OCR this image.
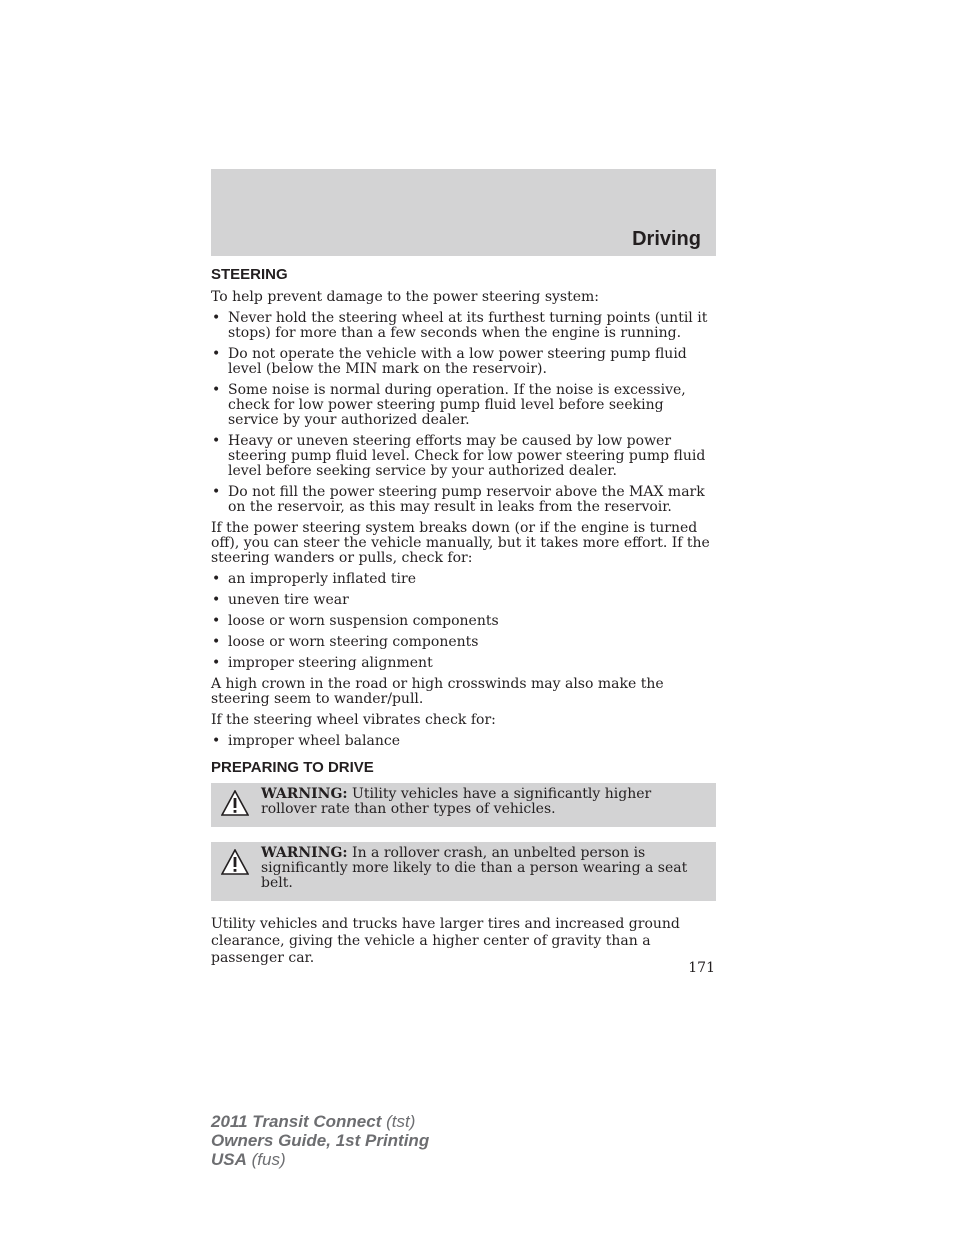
Driving
STEERING

To help prevent damage to the power steering system:

• Never hold the steering wheel at its furthest turning points (until it stops) for more than a few seconds when the engine is running.
• Do not operate the vehicle with a low power steering pump fluid level (below the MIN mark on the reservoir).
• Some noise is normal during operation. If the noise is excessive, check for low power steering pump fluid level before seeking service by your authorized dealer.
• Heavy or uneven steering efforts may be caused by low power steering pump fluid level. Check for low power steering pump fluid level before seeking service by your authorized dealer.
• Do not fill the power steering pump reservoir above the MAX mark on the reservoir, as this may result in leaks from the reservoir.

If the power steering system breaks down (or if the engine is turned off), you can steer the vehicle manually, but it takes more effort. If the steering wanders or pulls, check for:

• an improperly inflated tire
• uneven tire wear
• loose or worn suspension components
• loose or worn steering components
• improper steering alignment

A high crown in the road or high crosswinds may also make the steering seem to wander/pull.

If the steering wheel vibrates check for:

• improper wheel balance
PREPARING TO DRIVE
WARNING: Utility vehicles have a significantly higher rollover rate than other types of vehicles.
WARNING: In a rollover crash, an unbelted person is significantly more likely to die than a person wearing a seat belt.

Utility vehicles and trucks have larger tires and increased ground clearance, giving the vehicle a higher center of gravity than a passenger car.

171
2011 Transit Connect (tst)
Owners Guide, 1st Printing
USA (fus)
